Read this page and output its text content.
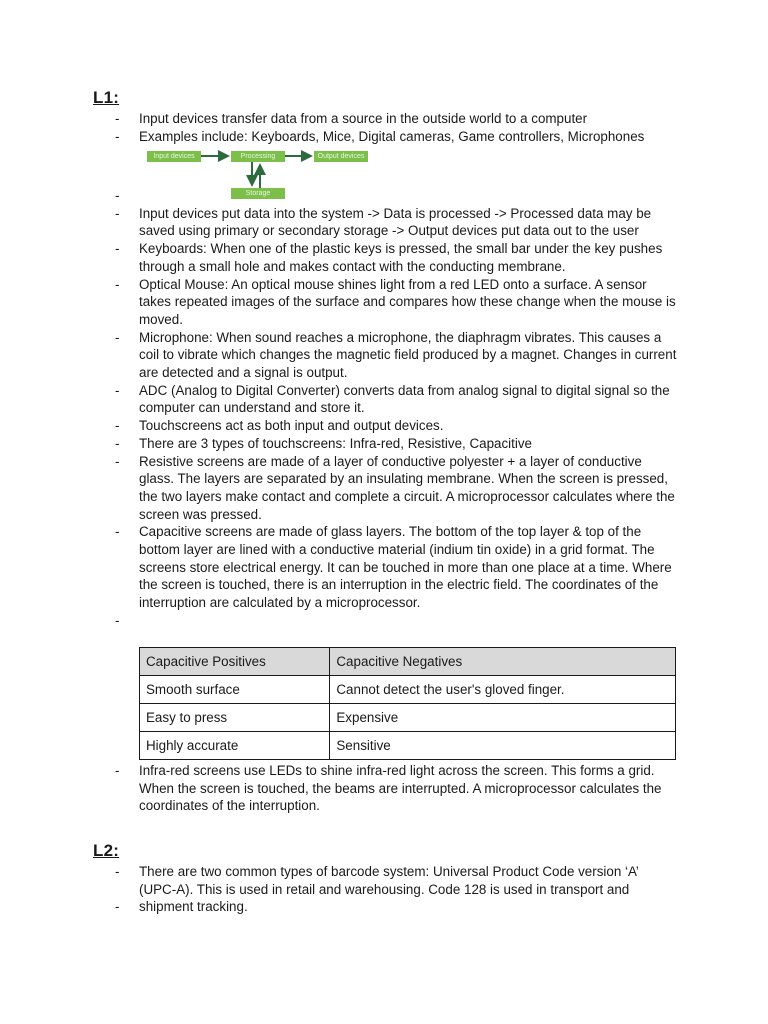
L1:
- Input devices transfer data from a source in the outside world to a computer
- Examples include: Keyboards, Mice, Digital cameras, Game controllers, Microphones
Input devices	Processing	Output devices
Storage
-

- Input devices put data into the system -> Data is processed -> Processed data may be saved using primary or secondary storage -> Output devices put data out to the user
- Keyboards: When one of the plastic keys is pressed, the small bar under the key pushes through a small hole and makes contact with the conducting membrane.
- Optical Mouse: An optical mouse shines light from a red LED onto a surface. A sensor takes repeated images of the surface and compares how these change when the mouse is moved.
- Microphone: When sound reaches a microphone, the diaphragm vibrates. This causes a coil to vibrate which changes the magnetic field produced by a magnet. Changes in current are detected and a signal is output.
- ADC (Analog to Digital Converter) converts data from analog signal to digital signal so the computer can understand and store it.
- Touchscreens act as both input and output devices.
- There are 3 types of touchscreens: Infra-red, Resistive, Capacitive
- Resistive screens are made of a layer of conductive polyester + a layer of conductive glass. The layers are separated by an insulating membrane. When the screen is pressed, the two layers make contact and complete a circuit. A microprocessor calculates where the screen was pressed.
- Capacitive screens are made of glass layers. The bottom of the top layer & top of the bottom layer are lined with a conductive material (indium tin oxide) in a grid format. The screens store electrical energy. It can be touched in more than one place at a time. Where the screen is touched, there is an interruption in the electric field. The coordinates of the interruption are calculated by a microprocessor.
-

Capacitive Positives	Capacitive Negatives
Smooth surface	Cannot detect the user's gloved finger.
Easy to press	Expensive
Highly accurate	Sensitive
- Infra-red screens use LEDs to shine infra-red light across the screen. This forms a grid. When the screen is touched, the beams are interrupted. A microprocessor calculates the coordinates of the interruption.
L2:
- There are two common types of barcode system: Universal Product Code version ‘A’ (UPC-A). This is used in retail and warehousing. Code 128 is used in transport and
- shipment tracking.
